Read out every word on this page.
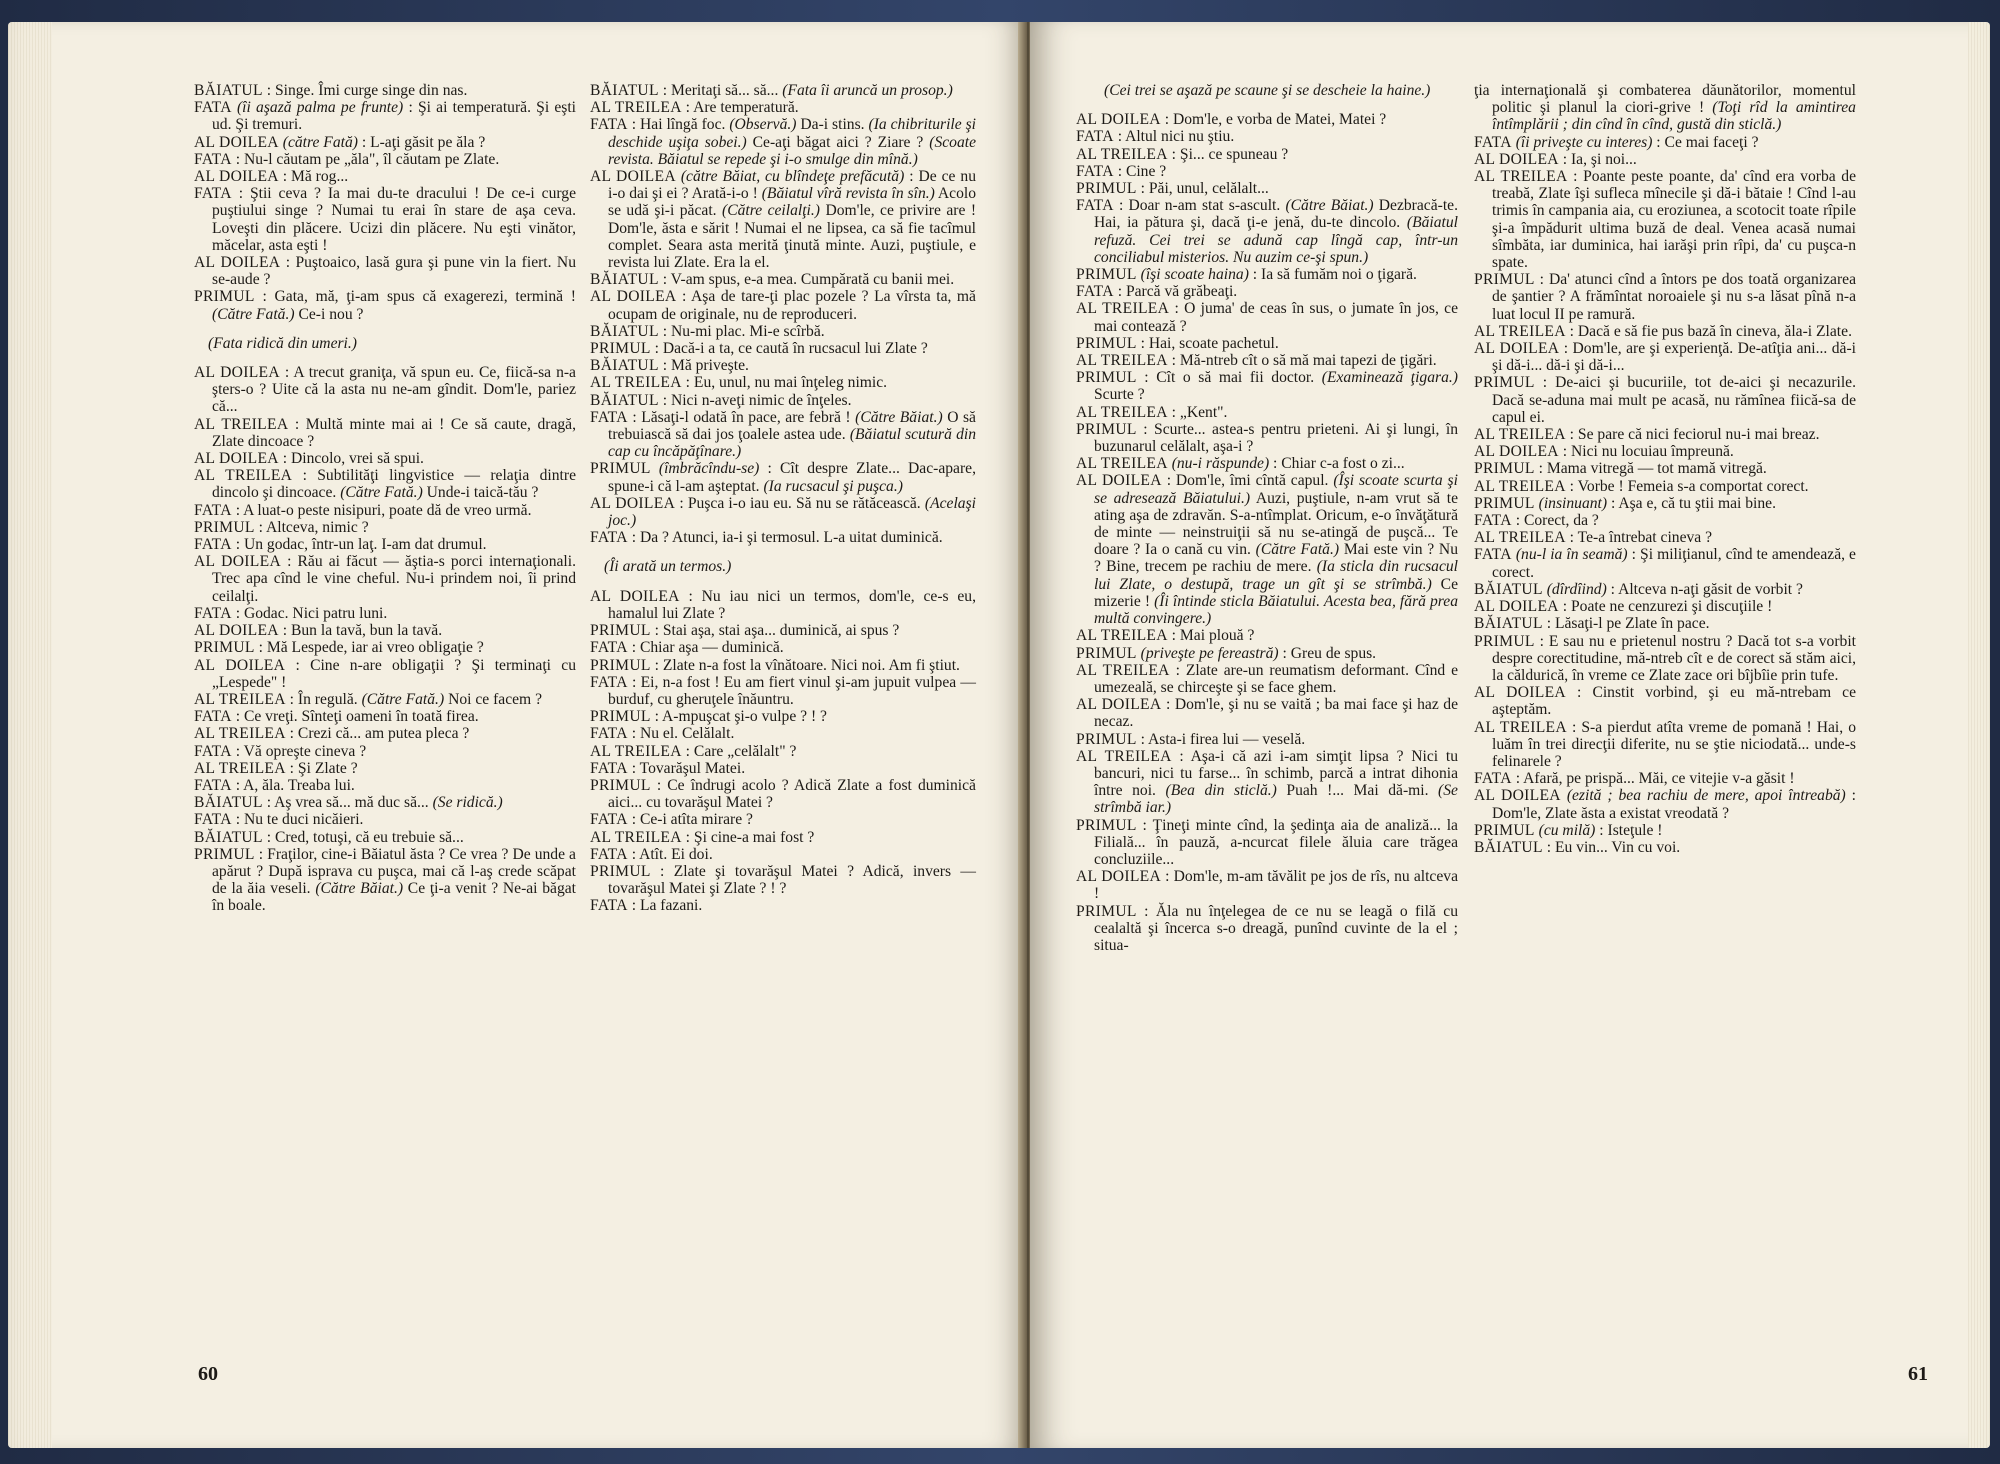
BĂIATUL : Singe. Îmi curge singe din nas.

FATA (îi aşază palma pe frunte) : Şi ai temperatură. Şi eşti ud. Şi tremuri.

AL DOILEA (către Fată) : L-aţi găsit pe ăla ?

FATA : Nu-l căutam pe „ăla", îl căutam pe Zlate.

AL DOILEA : Mă rog...

FATA : Ştii ceva ? Ia mai du-te dracului ! De ce-i curge puştiului singe ? Numai tu erai în stare de aşa ceva. Loveşti din plăcere. Ucizi din plăcere. Nu eşti vinător, măcelar, asta eşti !

AL DOILEA : Puştoaico, lasă gura şi pune vin la fiert. Nu se-aude ?

PRIMUL : Gata, mă, ţi-am spus că exagerezi, termină ! (Către Fată.) Ce-i nou ?

(Fata ridică din umeri.)

AL DOILEA : A trecut graniţa, vă spun eu. Ce, fiică-sa n-a şters-o ? Uite că la asta nu ne-am gîndit. Dom'le, pariez că...

AL TREILEA : Multă minte mai ai ! Ce să caute, dragă, Zlate dincoace ?

AL DOILEA : Dincolo, vrei să spui.

AL TREILEA : Subtilităţi lingvistice — relaţia dintre dincolo şi dincoace. (Către Fată.) Unde-i taică-tău ?

FATA : A luat-o peste nisipuri, poate dă de vreo urmă.

PRIMUL : Altceva, nimic ?

FATA : Un godac, într-un laţ. I-am dat drumul.

AL DOILEA : Rău ai făcut — ăştia-s porci internaţionali. Trec apa cînd le vine cheful. Nu-i prindem noi, îi prind ceilalţi.

FATA : Godac. Nici patru luni.

AL DOILEA : Bun la tavă, bun la tavă.

PRIMUL : Mă Lespede, iar ai vreo obligaţie ?

AL DOILEA : Cine n-are obligaţii ? Şi terminaţi cu „Lespede" !

AL TREILEA : În regulă. (Către Fată.) Noi ce facem ?

FATA : Ce vreţi. Sînteţi oameni în toată firea.

AL TREILEA : Crezi că... am putea pleca ?

FATA : Vă opreşte cineva ?

AL TREILEA : Şi Zlate ?

FATA : A, ăla. Treaba lui.

BĂIATUL : Aş vrea să... mă duc să... (Se ridică.)

FATA : Nu te duci nicăieri.

BĂIATUL : Cred, totuşi, că eu trebuie să...

PRIMUL : Fraţilor, cine-i Băiatul ăsta ? Ce vrea ? De unde a apărut ? După isprava cu puşca, mai că l-aş crede scăpat de la ăia veseli. (Către Băiat.) Ce ţi-a venit ? Ne-ai băgat în boale.

BĂIATUL : Meritaţi să... să... (Fata îi aruncă un prosop.)

AL TREILEA : Are temperatură.

FATA : Hai lîngă foc. (Observă.) Da-i stins. (Ia chibriturile şi deschide uşiţa sobei.) Ce-aţi băgat aici ? Ziare ? (Scoate revista. Băiatul se repede şi i-o smulge din mînă.)

AL DOILEA (către Băiat, cu blîndeţe prefăcută) : De ce nu i-o dai şi ei ? Arată-i-o ! (Băiatul vîră revista în sîn.) Acolo se udă şi-i păcat. (Către ceilalţi.) Dom'le, ce privire are ! Dom'le, ăsta e sărit ! Numai el ne lipsea, ca să fie tacîmul complet. Seara asta merită ţinută minte. Auzi, puştiule, e revista lui Zlate. Era la el.

BĂIATUL : V-am spus, e-a mea. Cumpărată cu banii mei.

AL DOILEA : Aşa de tare-ţi plac pozele ? La vîrsta ta, mă ocupam de originale, nu de reproduceri.

BĂIATUL : Nu-mi plac. Mi-e scîrbă.

PRIMUL : Dacă-i a ta, ce caută în rucsacul lui Zlate ?

BĂIATUL : Mă priveşte.

AL TREILEA : Eu, unul, nu mai înţeleg nimic.

BĂIATUL : Nici n-aveţi nimic de înţeles.

FATA : Lăsaţi-l odată în pace, are febră ! (Către Băiat.) O să trebuiască să dai jos ţoalele astea ude. (Băiatul scutură din cap cu încăpăţînare.)

PRIMUL (îmbrăcîndu-se) : Cît despre Zlate... Dac-apare, spune-i că l-am aşteptat. (Ia rucsacul şi puşca.)

AL DOILEA : Puşca i-o iau eu. Să nu se rătăcească. (Acelaşi joc.)

FATA : Da ? Atunci, ia-i şi termosul. L-a uitat duminică.

(Îi arată un termos.)

AL DOILEA : Nu iau nici un termos, dom'le, ce-s eu, hamalul lui Zlate ?

PRIMUL : Stai aşa, stai aşa... duminică, ai spus ?

FATA : Chiar aşa — duminică.

PRIMUL : Zlate n-a fost la vînătoare. Nici noi. Am fi ştiut.

FATA : Ei, n-a fost ! Eu am fiert vinul şi-am jupuit vulpea — burduf, cu gheruţele înăuntru.

PRIMUL : A-mpuşcat şi-o vulpe ? ! ?

FATA : Nu el. Celălalt.

AL TREILEA : Care „celălalt" ?

FATA : Tovarăşul Matei.

PRIMUL : Ce îndrugi acolo ? Adică Zlate a fost duminică aici... cu tovarăşul Matei ?

FATA : Ce-i atîta mirare ?

AL TREILEA : Şi cine-a mai fost ?

FATA : Atît. Ei doi.

PRIMUL : Zlate şi tovarăşul Matei ? Adică, invers — tovarăşul Matei şi Zlate ? ! ?

FATA : La fazani.

60

(Cei trei se aşază pe scaune şi se descheie la haine.)

AL DOILEA : Dom'le, e vorba de Matei, Matei ?

FATA : Altul nici nu ştiu.

AL TREILEA : Şi... ce spuneau ?

FATA : Cine ?

PRIMUL : Păi, unul, celălalt...

FATA : Doar n-am stat s-ascult. (Către Băiat.) Dezbracă-te. Hai, ia pătura şi, dacă ţi-e jenă, du-te dincolo. (Băiatul refuză. Cei trei se adună cap lîngă cap, într-un conciliabul misterios. Nu auzim ce-şi spun.)

PRIMUL (îşi scoate haina) : Ia să fumăm noi o ţigară.

FATA : Parcă vă grăbeaţi.

AL TREILEA : O juma' de ceas în sus, o jumate în jos, ce mai contează ?

PRIMUL : Hai, scoate pachetul.

AL TREILEA : Mă-ntreb cît o să mă mai tapezi de ţigări.

PRIMUL : Cît o să mai fii doctor. (Examinează ţigara.) Scurte ?

AL TREILEA : „Kent".

PRIMUL : Scurte... astea-s pentru prieteni. Ai şi lungi, în buzunarul celălalt, aşa-i ?

AL TREILEA (nu-i răspunde) : Chiar c-a fost o zi...

AL DOILEA : Dom'le, îmi cîntă capul. (Îşi scoate scurta şi se adresează Băiatului.) Auzi, puştiule, n-am vrut să te ating aşa de zdravăn. S-a-ntîmplat. Oricum, e-o învăţătură de minte — neinstruiţii să nu se-atingă de puşcă... Te doare ? Ia o cană cu vin. (Către Fată.) Mai este vin ? Nu ? Bine, trecem pe rachiu de mere. (Ia sticla din rucsacul lui Zlate, o destupă, trage un gît şi se strîmbă.) Ce mizerie ! (Îi întinde sticla Băiatului. Acesta bea, fără prea multă convingere.)

AL TREILEA : Mai plouă ?

PRIMUL (priveşte pe fereastră) : Greu de spus.

AL TREILEA : Zlate are-un reumatism deformant. Cînd e umezeală, se chirceşte şi se face ghem.

AL DOILEA : Dom'le, şi nu se vaită ; ba mai face şi haz de necaz.

PRIMUL : Asta-i firea lui — veselă.

AL TREILEA : Aşa-i că azi i-am simţit lipsa ? Nici tu bancuri, nici tu farse... în schimb, parcă a intrat dihonia între noi. (Bea din sticlă.) Puah !... Mai dă-mi. (Se strîmbă iar.)

PRIMUL : Ţineţi minte cînd, la şedinţa aia de analiză... la Filială... în pauză, a-ncurcat filele ăluia care trăgea concluziile...

AL DOILEA : Dom'le, m-am tăvălit pe jos de rîs, nu altceva !

PRIMUL : Ăla nu înţelegea de ce nu se leagă o filă cu cealaltă şi încerca s-o dreagă, punînd cuvinte de la el ; situa-

ţia internaţională şi combaterea dăunătorilor, momentul politic şi planul la ciori-grive ! (Toţi rîd la amintirea întîmplării ; din cînd în cînd, gustă din sticlă.)

FATA (îi priveşte cu interes) : Ce mai faceţi ?

AL DOILEA : Ia, şi noi...

AL TREILEA : Poante peste poante, da' cînd era vorba de treabă, Zlate îşi sufleca mînecile şi dă-i bătaie ! Cînd l-au trimis în campania aia, cu eroziunea, a scotocit toate rîpile şi-a împădurit ultima buză de deal. Venea acasă numai sîmbăta, iar duminica, hai iarăşi prin rîpi, da' cu puşca-n spate.

PRIMUL : Da' atunci cînd a întors pe dos toată organizarea de şantier ? A frămîntat noroaiele şi nu s-a lăsat pînă n-a luat locul II pe ramură.

AL TREILEA : Dacă e să fie pus bază în cineva, ăla-i Zlate.

AL DOILEA : Dom'le, are şi experienţă. De-atîţia ani... dă-i şi dă-i... dă-i şi dă-i...

PRIMUL : De-aici şi bucuriile, tot de-aici şi necazurile. Dacă se-aduna mai mult pe acasă, nu rămînea fiică-sa de capul ei.

AL TREILEA : Se pare că nici feciorul nu-i mai breaz.

AL DOILEA : Nici nu locuiau împreună.

PRIMUL : Mama vitregă — tot mamă vitregă.

AL TREILEA : Vorbe ! Femeia s-a comportat corect.

PRIMUL (insinuant) : Aşa e, că tu ştii mai bine.

FATA : Corect, da ?

AL TREILEA : Te-a întrebat cineva ?

FATA (nu-l ia în seamă) : Şi miliţianul, cînd te amendează, e corect.

BĂIATUL (dîrdîind) : Altceva n-aţi găsit de vorbit ?

AL DOILEA : Poate ne cenzurezi şi discuţiile !

BĂIATUL : Lăsaţi-l pe Zlate în pace.

PRIMUL : E sau nu e prietenul nostru ? Dacă tot s-a vorbit despre corectitudine, mă-ntreb cît e de corect să stăm aici, la căldurică, în vreme ce Zlate zace ori bîjbîie prin tufe.

AL DOILEA : Cinstit vorbind, şi eu mă-ntrebam ce aşteptăm.

AL TREILEA : S-a pierdut atîta vreme de pomană ! Hai, o luăm în trei direcţii diferite, nu se ştie niciodată... unde-s felinarele ?

FATA : Afară, pe prispă... Măi, ce vitejie v-a găsit !

AL DOILEA (ezită ; bea rachiu de mere, apoi întreabă) : Dom'le, Zlate ăsta a existat vreodată ?

PRIMUL (cu milă) : Isteţule !

BĂIATUL : Eu vin... Vin cu voi.

61
